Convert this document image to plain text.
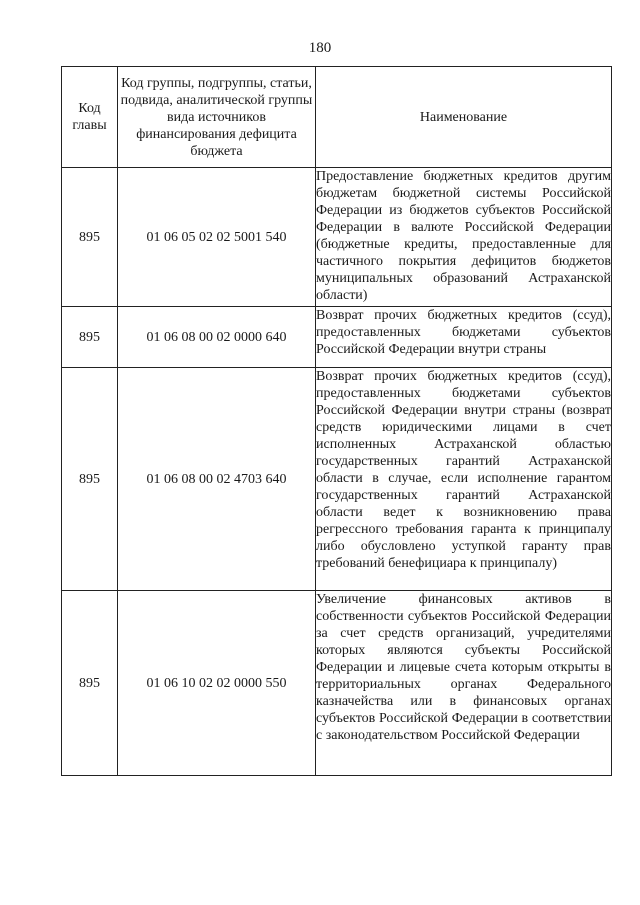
180
Код главы	Код группы, подгруппы, статьи, подвида, аналитической группы вида источников финансирования дефицита бюджета	Наименование
895	01 06 05 02 02 5001 540	Предоставление бюджетных кредитов другим бюджетам бюджетной системы Российской Федерации из бюджетов субъектов Российской Федерации в валюте Российской Федерации (бюджетные кредиты, предоставленные для частичного покрытия дефицитов бюджетов муниципальных образований Астраханской области)
895	01 06 08 00 02 0000 640	Возврат прочих бюджетных кредитов (ссуд), предоставленных бюджетами субъектов Российской Федерации внутри страны
895	01 06 08 00 02 4703 640	Возврат прочих бюджетных кредитов (ссуд), предоставленных бюджетами субъектов Российской Федерации внутри страны (возврат средств юридическими лицами в счет исполненных Астраханской областью государственных гарантий Астраханской области в случае, если исполнение гарантом государственных гарантий Астраханской области ведет к возникновению права регрессного требования гаранта к принципалу либо обусловлено уступкой гаранту прав требований бенефициара к принципалу)
895	01 06 10 02 02 0000 550	Увеличение финансовых активов в собственности субъектов Российской Федерации за счет средств организаций, учредителями которых являются субъекты Российской Федерации и лицевые счета которым открыты в территориальных органах Федерального казначейства или в финансовых органах субъектов Российской Федерации в соответствии с законодательством Российской Федерации
